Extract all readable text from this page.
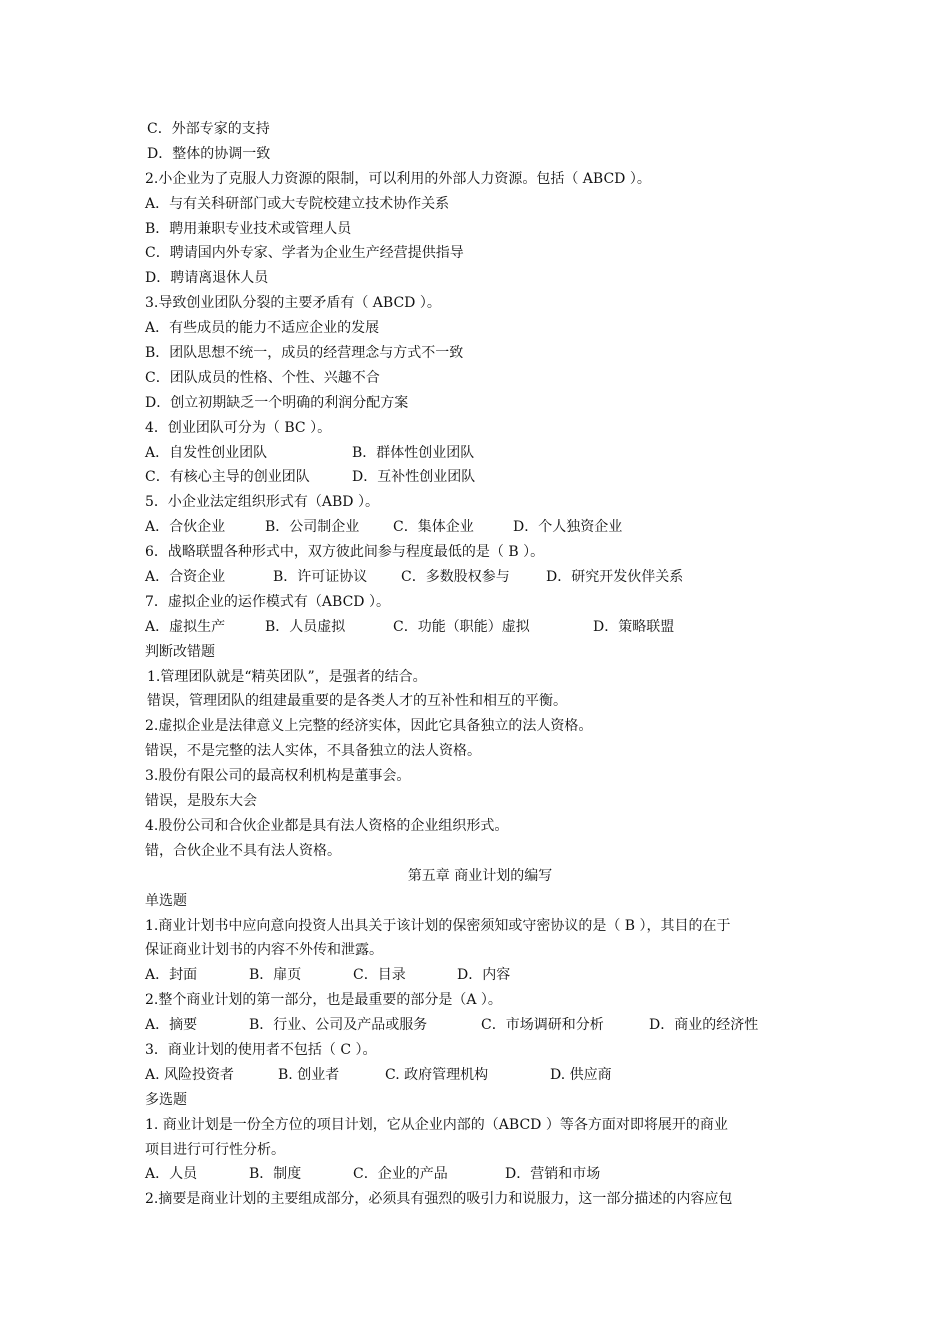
C．外部专家的支持
D．整体的协调一致
2.小企业为了克服人力资源的限制，可以利用的外部人力资源。包括（ ABCD ）。
A．与有关科研部门或大专院校建立技术协作关系
B．聘用兼职专业技术或管理人员
C．聘请国内外专家、学者为企业生产经营提供指导
D．聘请离退休人员
3.导致创业团队分裂的主要矛盾有（ ABCD ）。
A．有些成员的能力不适应企业的发展
B．团队思想不统一，成员的经营理念与方式不一致
C．团队成员的性格、个性、兴趣不合
D．创立初期缺乏一个明确的利润分配方案
4．创业团队可分为（ BC ）。
A．自发性创业团队	B．群体性创业团队
C．有核心主导的创业团队	D．互补性创业团队
5．小企业法定组织形式有（ABD ）。
A．合伙企业	B．公司制企业	C．集体企业	D．个人独资企业
6．战略联盟各种形式中，双方彼此间参与程度最低的是（ B ）。
A．合资企业	B．许可证协议	C．多数股权参与	D．研究开发伙伴关系
7．虚拟企业的运作模式有（ABCD ）。
A．虚拟生产	B．人员虚拟	C．功能（职能）虚拟	D．策略联盟
判断改错题
1.管理团队就是“精英团队”，是强者的结合。
错误，管理团队的组建最重要的是各类人才的互补性和相互的平衡。
2.虚拟企业是法律意义上完整的经济实体，因此它具备独立的法人资格。
错误，不是完整的法人实体，不具备独立的法人资格。
3.股份有限公司的最高权利机构是董事会。
错误，是股东大会
4.股份公司和合伙企业都是具有法人资格的企业组织形式。
错，合伙企业不具有法人资格。
第五章 商业计划的编写
单选题
1.商业计划书中应向意向投资人出具关于该计划的保密须知或守密协议的是（ B ），其目的在于
保证商业计划书的内容不外传和泄露。
A．封面	B．扉页	C．目录	D．内容
2.整个商业计划的第一部分，也是最重要的部分是（A ）。
A．摘要	B．行业、公司及产品或服务	C．市场调研和分析	D．商业的经济性
3．商业计划的使用者不包括（ C ）。
A. 风险投资者	B. 创业者	C. 政府管理机构	D. 供应商
多选题
1. 商业计划是一份全方位的项目计划，它从企业内部的（ABCD ）等各方面对即将展开的商业
项目进行可行性分析。
A．人员	B．制度	C．企业的产品	D．营销和市场
2.摘要是商业计划的主要组成部分，必须具有强烈的吸引力和说服力，这一部分描述的内容应包
